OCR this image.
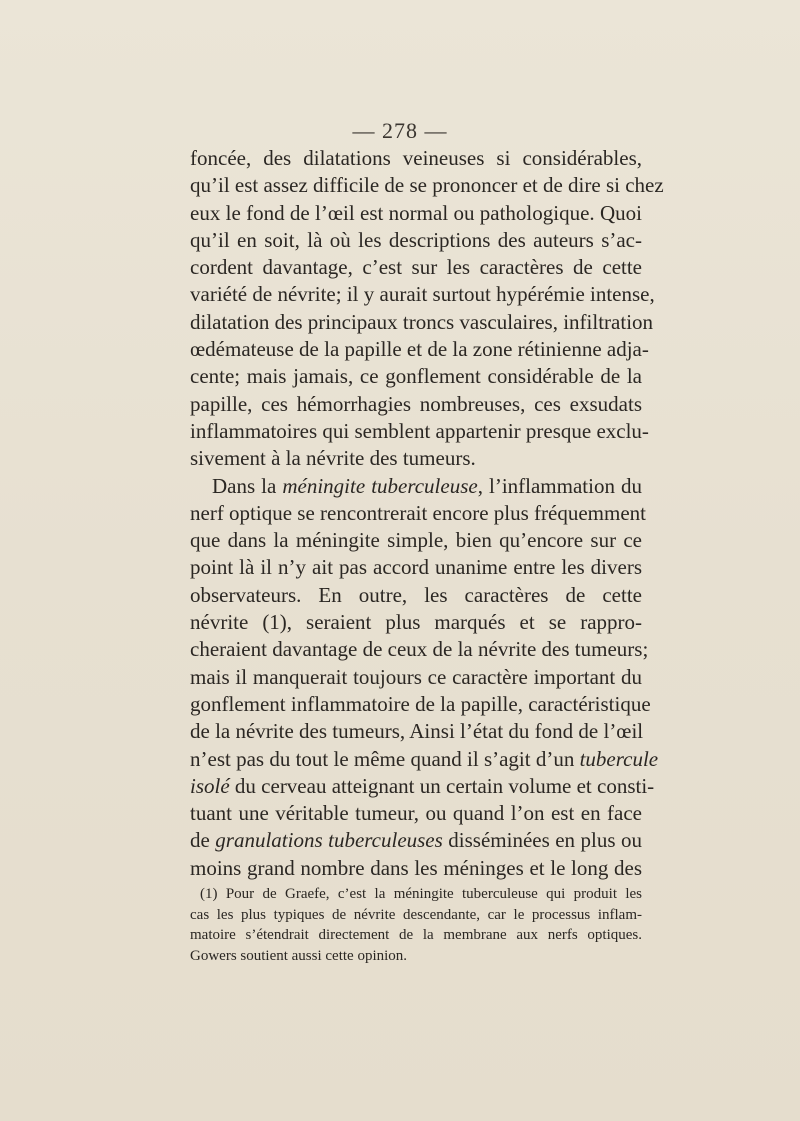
— 278 —
foncée, des dilatations veineuses si considérables,
qu’il est assez difficile de se prononcer et de dire si chez
eux le fond de l’œil est normal ou pathologique. Quoi
qu’il en soit, là où les descriptions des auteurs s’ac-
cordent davantage, c’est sur les caractères de cette
variété de névrite; il y aurait surtout hypérémie intense,
dilatation des principaux troncs vasculaires, infiltration
œdémateuse de la papille et de la zone rétinienne adja-
cente; mais jamais, ce gonflement considérable de la
papille, ces hémorrhagies nombreuses, ces exsudats
inflammatoires qui semblent appartenir presque exclu-
sivement à la névrite des tumeurs.
Dans la méningite tuberculeuse, l’inflammation du
nerf optique se rencontrerait encore plus fréquemment
que dans la méningite simple, bien qu’encore sur ce
point là il n’y ait pas accord unanime entre les divers
observateurs. En outre, les caractères de cette
névrite (1), seraient plus marqués et se rappro-
cheraient davantage de ceux de la névrite des tumeurs;
mais il manquerait toujours ce caractère important du
gonflement inflammatoire de la papille, caractéristique
de la névrite des tumeurs, Ainsi l’état du fond de l’œil
n’est pas du tout le même quand il s’agit d’un tubercule
isolé du cerveau atteignant un certain volume et consti-
tuant une véritable tumeur, ou quand l’on est en face
de granulations tuberculeuses disséminées en plus ou
moins grand nombre dans les méninges et le long des
(1) Pour de Graefe, c’est la méningite tuberculeuse qui produit les
cas les plus typiques de névrite descendante, car le processus inflam-
matoire s’étendrait directement de la membrane aux nerfs optiques.
Gowers soutient aussi cette opinion.
